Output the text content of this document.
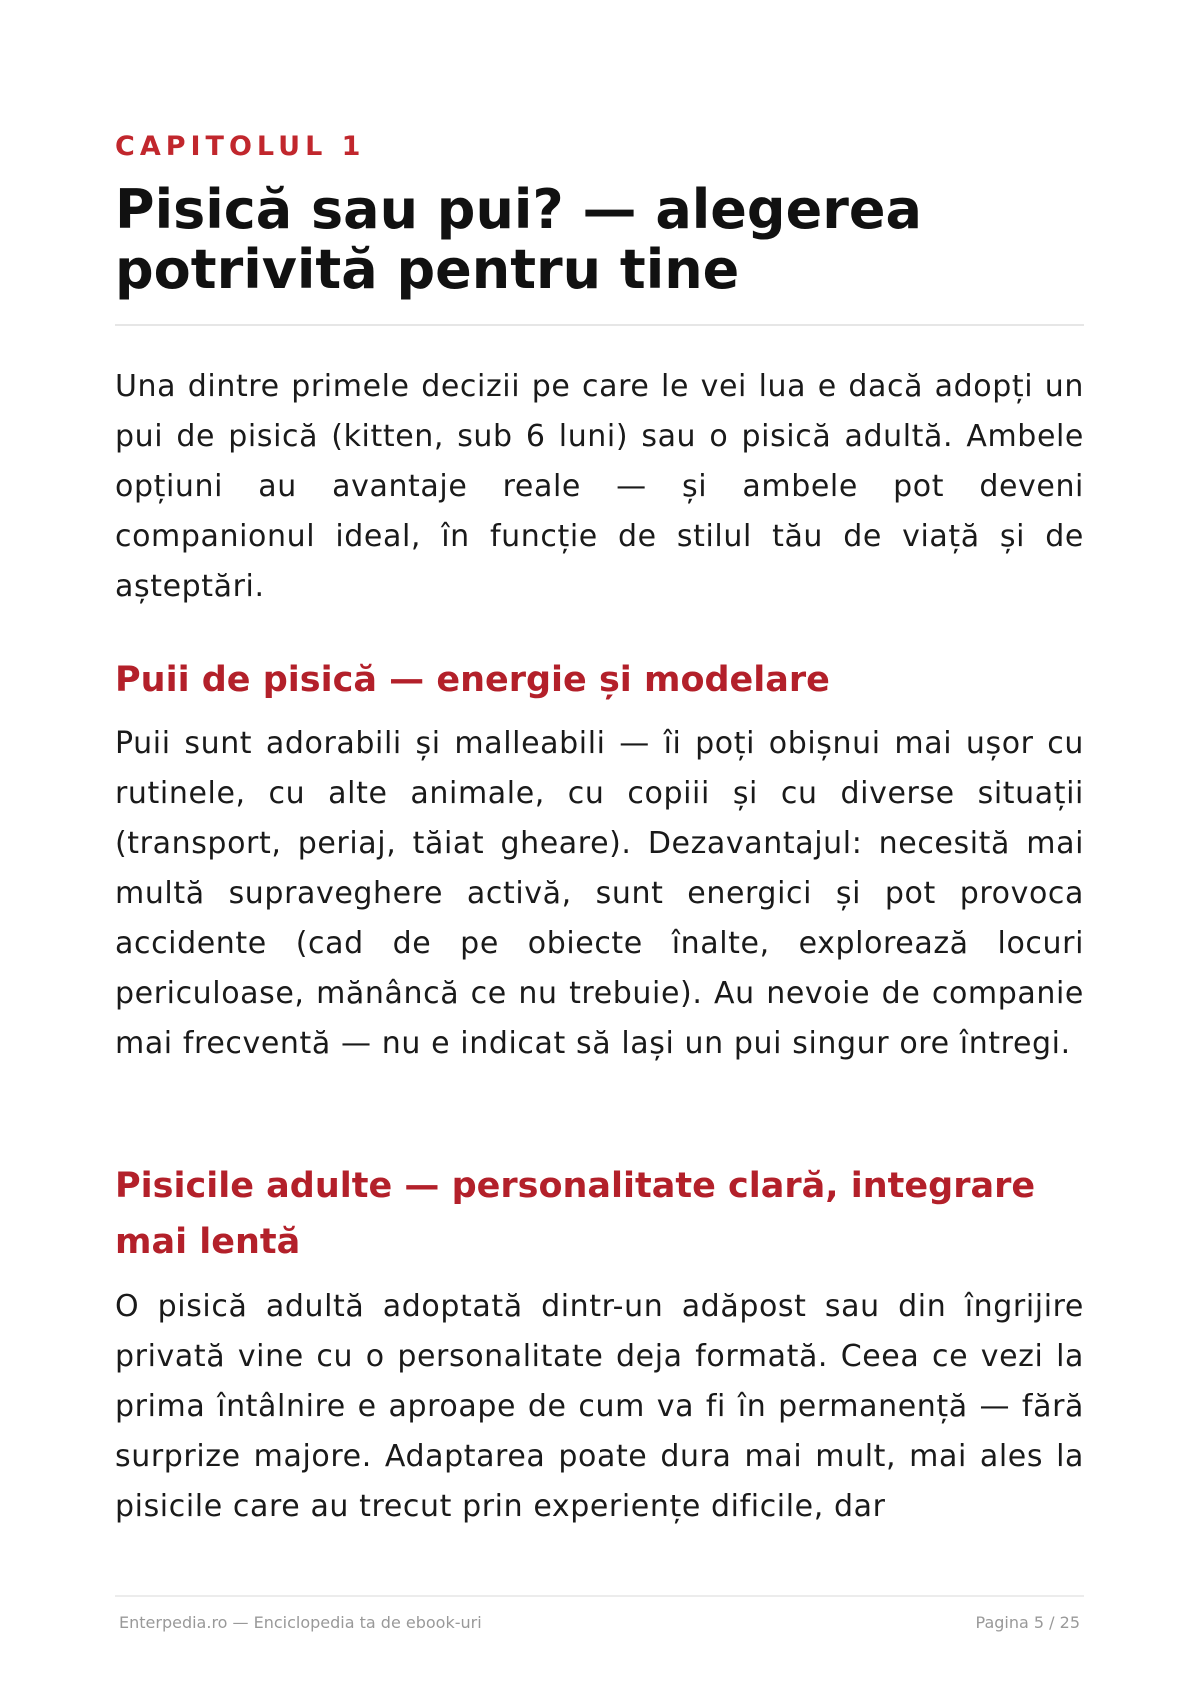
CAPITOLUL 1
Pisică sau pui? — alegerea potrivită pentru tine

Una dintre primele decizii pe care le vei lua e dacă adopți un pui de pisică (kitten, sub 6 luni) sau o pisică adultă. Ambele opțiuni au avantaje reale — și ambele pot deveni companionul ideal, în funcție de stilul tău de viață și de așteptări.

Puii de pisică — energie și modelare

Puii sunt adorabili și malleabili — îi poți obișnui mai ușor cu rutinele, cu alte animale, cu copiii și cu diverse situații (transport, periaj, tăiat gheare). Dezavantajul: necesită mai multă supraveghere activă, sunt energici și pot provoca accidente (cad de pe obiecte înalte, explorează locuri periculoase, mănâncă ce nu trebuie). Au nevoie de companie mai frecventă — nu e indicat să lași un pui singur ore întregi.

Pisicile adulte — personalitate clară, integrare mai lentă

O pisică adultă adoptată dintr-un adăpost sau din îngrijire privată vine cu o personalitate deja formată. Ceea ce vezi la prima întâlnire e aproape de cum va fi în permanență — fără surprize majore. Adaptarea poate dura mai mult, mai ales la pisicile care au trecut prin experiențe dificile, dar

Enterpedia.ro — Enciclopedia ta de ebook-uri	Pagina 5 / 25
